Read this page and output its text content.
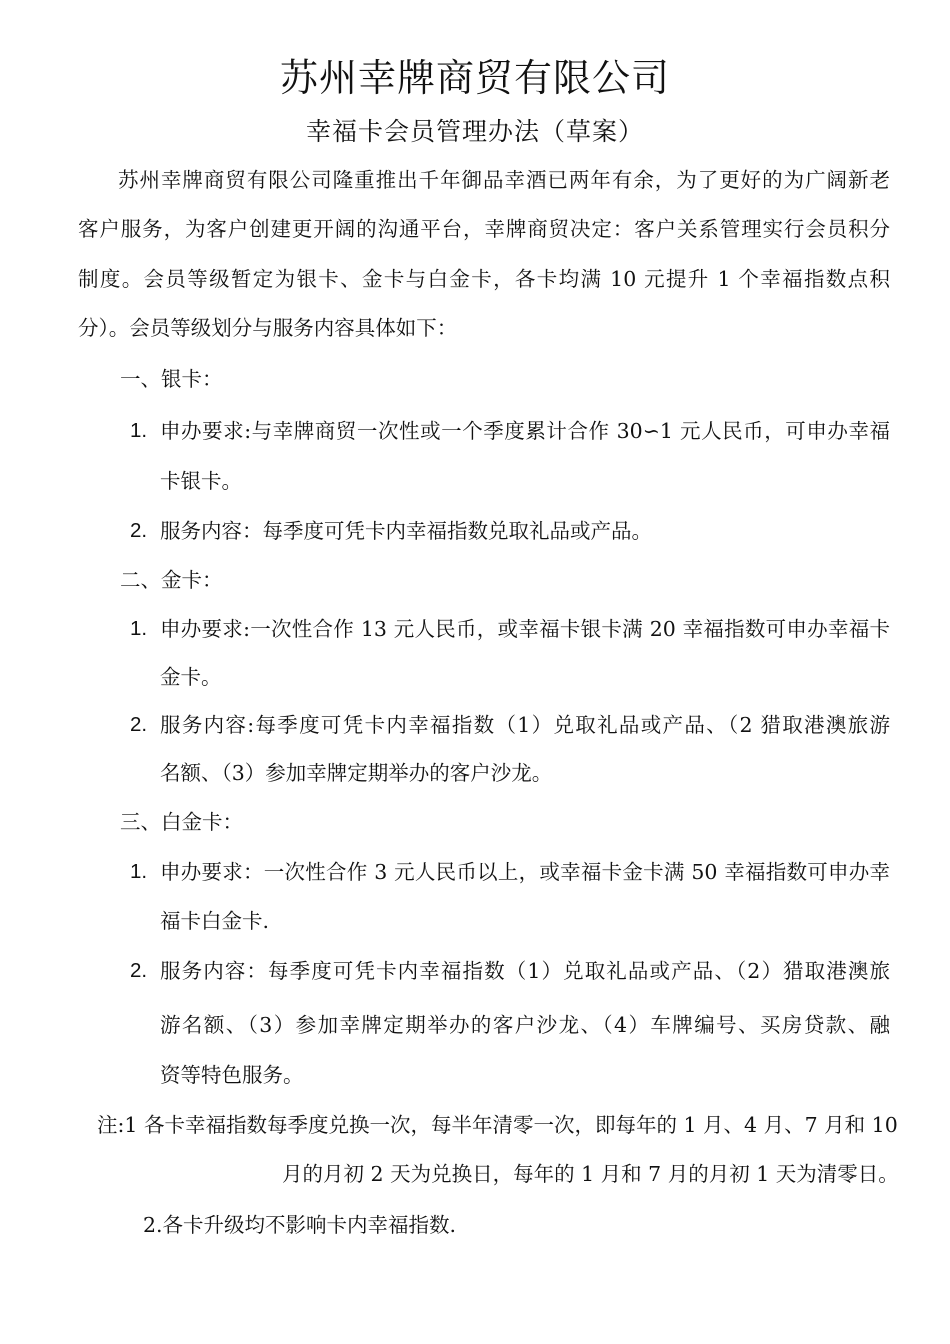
苏州幸牌商贸有限公司
幸福卡会员管理办法（草案）
苏州幸牌商贸有限公司隆重推出千年御品幸酒已两年有余，为了更好的为广阔新老
客户服务，为客户创建更开阔的沟通平台，幸牌商贸决定：客户关系管理实行会员积分
制度。会员等级暂定为银卡、金卡与白金卡，各卡均满 10 元提升 1 个幸福指数点积
分）。会员等级划分与服务内容具体如下：
一、银卡：
1. 申办要求:与幸牌商贸一次性或一个季度累计合作 30∽1 元人民币，可申办幸福
卡银卡。
2. 服务内容：每季度可凭卡内幸福指数兑取礼品或产品。
二、金卡：
1. 申办要求:一次性合作 13 元人民币，或幸福卡银卡满 20 幸福指数可申办幸福卡
金卡。
2. 服务内容:每季度可凭卡内幸福指数（1）兑取礼品或产品、（2 猎取港澳旅游
名额、（3）参加幸牌定期举办的客户沙龙。
三、白金卡：
1. 申办要求：一次性合作 3 元人民币以上，或幸福卡金卡满 50 幸福指数可申办幸
福卡白金卡.
2. 服务内容：每季度可凭卡内幸福指数（1）兑取礼品或产品、（2）猎取港澳旅
游名额、（3）参加幸牌定期举办的客户沙龙、（4）车牌编号、买房贷款、融
资等特色服务。
注:1 各卡幸福指数每季度兑换一次，每半年清零一次，即每年的 1 月、4 月、7 月和 10
月的月初 2 天为兑换日，每年的 1 月和 7 月的月初 1 天为清零日。
2.各卡升级均不影响卡内幸福指数.
